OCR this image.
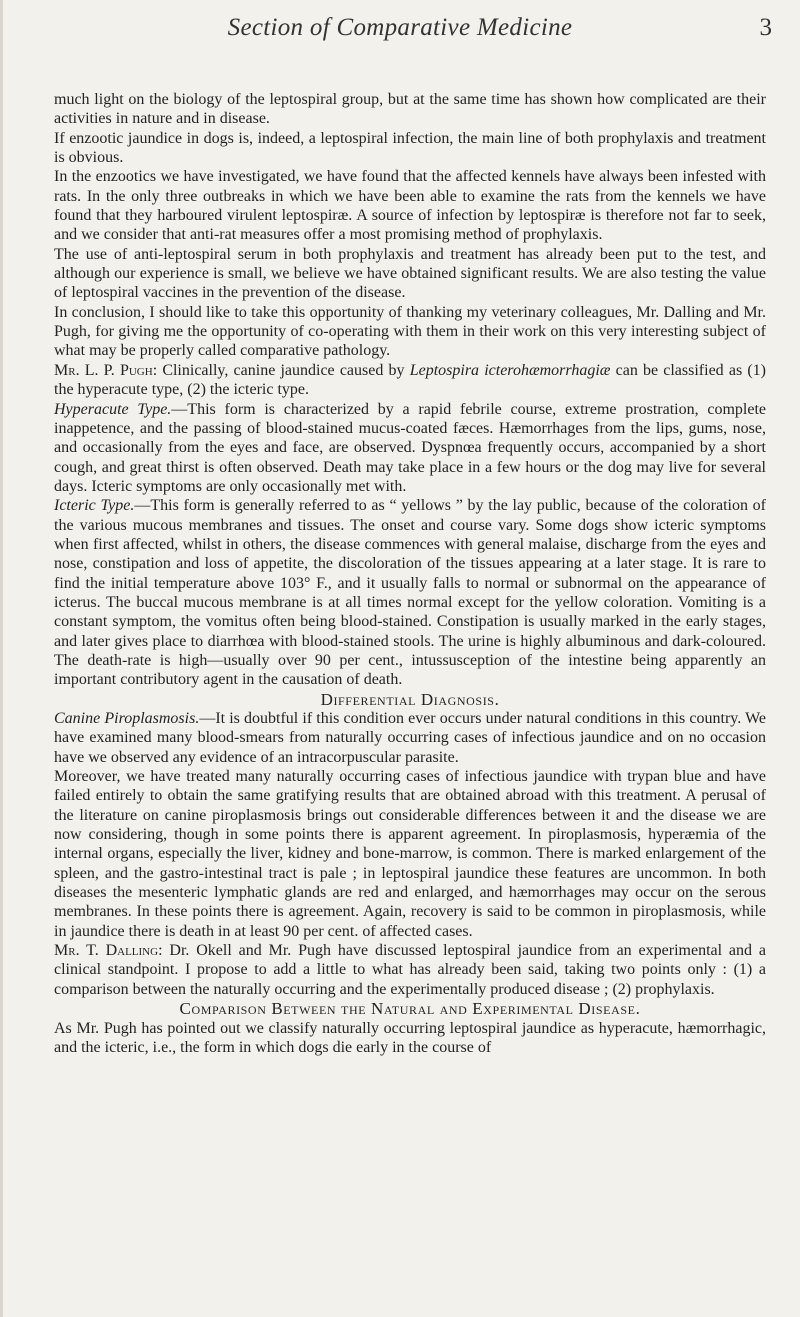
Section of Comparative Medicine	3

much light on the biology of the leptospiral group, but at the same time has shown how complicated are their activities in nature and in disease.

If enzootic jaundice in dogs is, indeed, a leptospiral infection, the main line of both prophylaxis and treatment is obvious.

In the enzootics we have investigated, we have found that the affected kennels have always been infested with rats. In the only three outbreaks in which we have been able to examine the rats from the kennels we have found that they harboured virulent leptospiræ. A source of infection by leptospiræ is therefore not far to seek, and we consider that anti-rat measures offer a most promising method of prophylaxis.

The use of anti-leptospiral serum in both prophylaxis and treatment has already been put to the test, and although our experience is small, we believe we have obtained significant results. We are also testing the value of leptospiral vaccines in the prevention of the disease.

In conclusion, I should like to take this opportunity of thanking my veterinary colleagues, Mr. Dalling and Mr. Pugh, for giving me the opportunity of co-operating with them in their work on this very interesting subject of what may be properly called comparative pathology.

Mr. L. P. Pugh: Clinically, canine jaundice caused by Leptospira icterohæmorrhagiæ can be classified as (1) the hyperacute type, (2) the icteric type.

Hyperacute Type.—This form is characterized by a rapid febrile course, extreme prostration, complete inappetence, and the passing of blood-stained mucus-coated fæces. Hæmorrhages from the lips, gums, nose, and occasionally from the eyes and face, are observed. Dyspnœa frequently occurs, accompanied by a short cough, and great thirst is often observed. Death may take place in a few hours or the dog may live for several days. Icteric symptoms are only occasionally met with.

Icteric Type.—This form is generally referred to as “ yellows ” by the lay public, because of the coloration of the various mucous membranes and tissues. The onset and course vary. Some dogs show icteric symptoms when first affected, whilst in others, the disease commences with general malaise, discharge from the eyes and nose, constipation and loss of appetite, the discoloration of the tissues appearing at a later stage. It is rare to find the initial temperature above 103° F., and it usually falls to normal or subnormal on the appearance of icterus. The buccal mucous membrane is at all times normal except for the yellow coloration. Vomiting is a constant symptom, the vomitus often being blood-stained. Constipation is usually marked in the early stages, and later gives place to diarrhœa with blood-stained stools. The urine is highly albuminous and dark-coloured. The death-rate is high—usually over 90 per cent., intussusception of the intestine being apparently an important contributory agent in the causation of death.

Differential Diagnosis.

Canine Piroplasmosis.—It is doubtful if this condition ever occurs under natural conditions in this country. We have examined many blood-smears from naturally occurring cases of infectious jaundice and on no occasion have we observed any evidence of an intracorpuscular parasite.

Moreover, we have treated many naturally occurring cases of infectious jaundice with trypan blue and have failed entirely to obtain the same gratifying results that are obtained abroad with this treatment. A perusal of the literature on canine piroplasmosis brings out considerable differences between it and the disease we are now considering, though in some points there is apparent agreement. In piroplasmosis, hyperæmia of the internal organs, especially the liver, kidney and bone-marrow, is common. There is marked enlargement of the spleen, and the gastro-intestinal tract is pale ; in leptospiral jaundice these features are uncommon. In both diseases the mesenteric lymphatic glands are red and enlarged, and hæmorrhages may occur on the serous membranes. In these points there is agreement. Again, recovery is said to be common in piroplasmosis, while in jaundice there is death in at least 90 per cent. of affected cases.

Mr. T. Dalling: Dr. Okell and Mr. Pugh have discussed leptospiral jaundice from an experimental and a clinical standpoint. I propose to add a little to what has already been said, taking two points only : (1) a comparison between the naturally occurring and the experimentally produced disease ; (2) prophylaxis.

Comparison Between the Natural and Experimental Disease.

As Mr. Pugh has pointed out we classify naturally occurring leptospiral jaundice as hyperacute, hæmorrhagic, and the icteric, i.e., the form in which dogs die early in the course of
